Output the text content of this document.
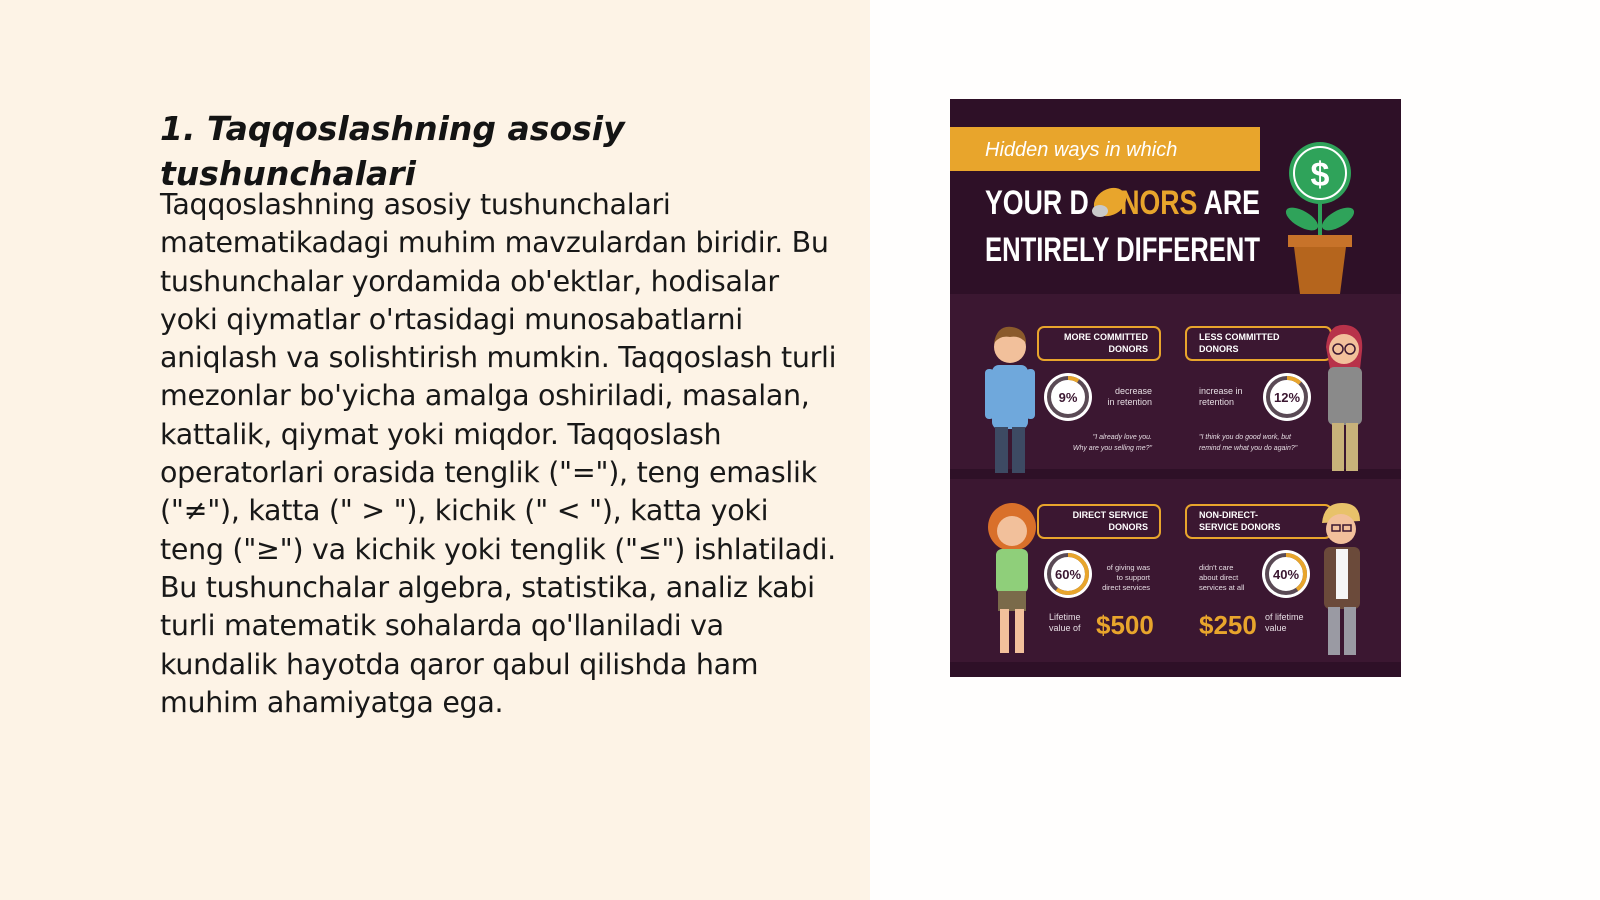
1. Taqqoslashning asosiy tushunchalari

Taqqoslashning asosiy tushunchalari matematikadagi muhim mavzulardan biridir. Bu tushunchalar yordamida ob'ektlar, hodisalar yoki qiymatlar o'rtasidagi munosabatlarni aniqlash va solishtirish mumkin. Taqqoslash turli mezonlar bo'yicha amalga oshiriladi, masalan, kattalik, qiymat yoki miqdor. Taqqoslash operatorlari orasida tenglik ("="), teng emaslik ("≠"), katta (" > "), kichik (" < "), katta yoki teng ("≥") va kichik yoki tenglik ("≤") ishlatiladi. Bu tushunchalar algebra, statistika, analiz kabi turli matematik sohalarda qo'llaniladi va kundalik hayotda qaror qabul qilishda ham muhim ahamiyatga ega.

Hidden ways in which
YOUR DNORSARE
ENTIRELY DIFFERENT
$
MORE COMMITTED
DONORS
9%	decrease
in retention
"I already love you.
Why are you selling me?"
LESS COMMITTED
DONORS
12%
increase in
retention
"I think you do good work, but
remind me what you do again?"
DIRECT SERVICE
DONORS
60%	of giving was
to support
direct services
Lifetime
value of $500
NON-DIRECT-
SERVICE DONORS
40%
didn't care
about direct
services at all
$250 of lifetime
value
